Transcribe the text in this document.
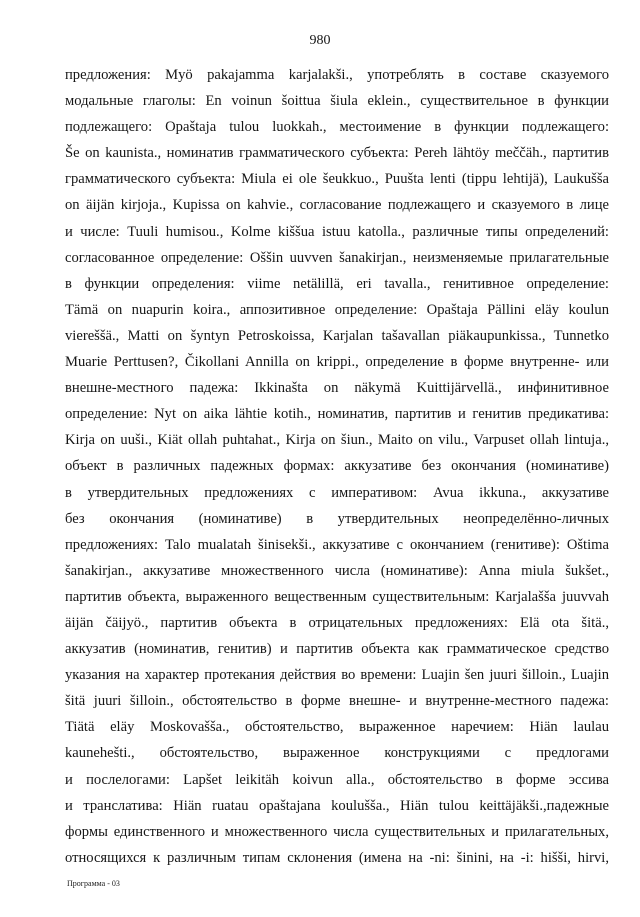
980
предложения: Myö pakajamma karjalakši., употреблять в составе сказуемого
модальные глаголы: En voinun šoittua šiula eklein., существительное в функции
подлежащего: Opaštaja tulou luokkah., местоимение в функции подлежащего:
Še on kaunista., номинатив грамматического субъекта: Pereh lähtöy meččäh., партитив
грамматического субъекта: Miula ei ole šeukkuo., Puušta lenti (tippu lehtijä), Laukušša
on äijän kirjoja., Kupissa on kahvie., согласование подлежащего и сказуемого в лице
и числе: Tuuli humisou., Kolme kiššua istuu katolla., различные типы определений:
согласованное определение: Oššin uuvven šanakirjan., неизменяемые прилагательные
в функции определения: viime netälillä, eri tavalla., генитивное определение:
Tämä on nuapurin koira., аппозитивное определение: Opaštaja Pällini eläy koulun
viereššä., Matti on šyntyn Petroskoissa, Karjalan tašavallan piäkaupunkissa., Tunnetko
Muarie Perttusen?, Čikollani Annilla on krippi., определение в форме внутренне- или
внешне-местного падежа: Ikkinašta on näkymä Kuittijärvellä., инфинитивное
определение: Nyt on aika lähtie kotih., номинатив, партитив и генитив предикатива:
Kirja on uuši., Kiät ollah puhtahat., Kirja on šiun., Maito on vilu., Varpuset ollah lintuja.,
объект в различных падежных формах: аккузативе без окончания (номинативе)
в утвердительных предложениях с императивом: Avua ikkuna., аккузативе
без окончания (номинативе) в утвердительных неопределённо-личных
предложениях: Talo mualatah šinisekši., аккузативе с окончанием (генитиве): Oštima
šanakirjan., аккузативе множественного числа (номинативе): Anna miula šukšet.,
партитив объекта, выраженного вещественным существительным: Karjalašša juuvvah
äijän čäijyö., партитив объекта в отрицательных предложениях: Elä ota šitä.,
аккузатив (номинатив, генитив) и партитив объекта как грамматическое средство
указания на характер протекания действия во времени: Luajin šen juuri šilloin., Luajin
šitä juuri šilloin., обстоятельство в форме внешне- и внутренне-местного падежа:
Tiätä eläy Moskovašša., обстоятельство, выраженное наречием: Hiän laulau
kaunehešti., обстоятельство, выраженное конструкциями с предлогами
и послелогами: Lapšet leikitäh koivun alla., обстоятельство в форме эссива
и транслатива: Hiän ruatau opaštajana koulušša., Hiän tulou keittäjäkši.,падежные
формы единственного и множественного числа существительных и прилагательных,
относящихся к различным типам склонения (имена на -ni: šinini, на -i: hišši, hirvi,
Программа - 03
